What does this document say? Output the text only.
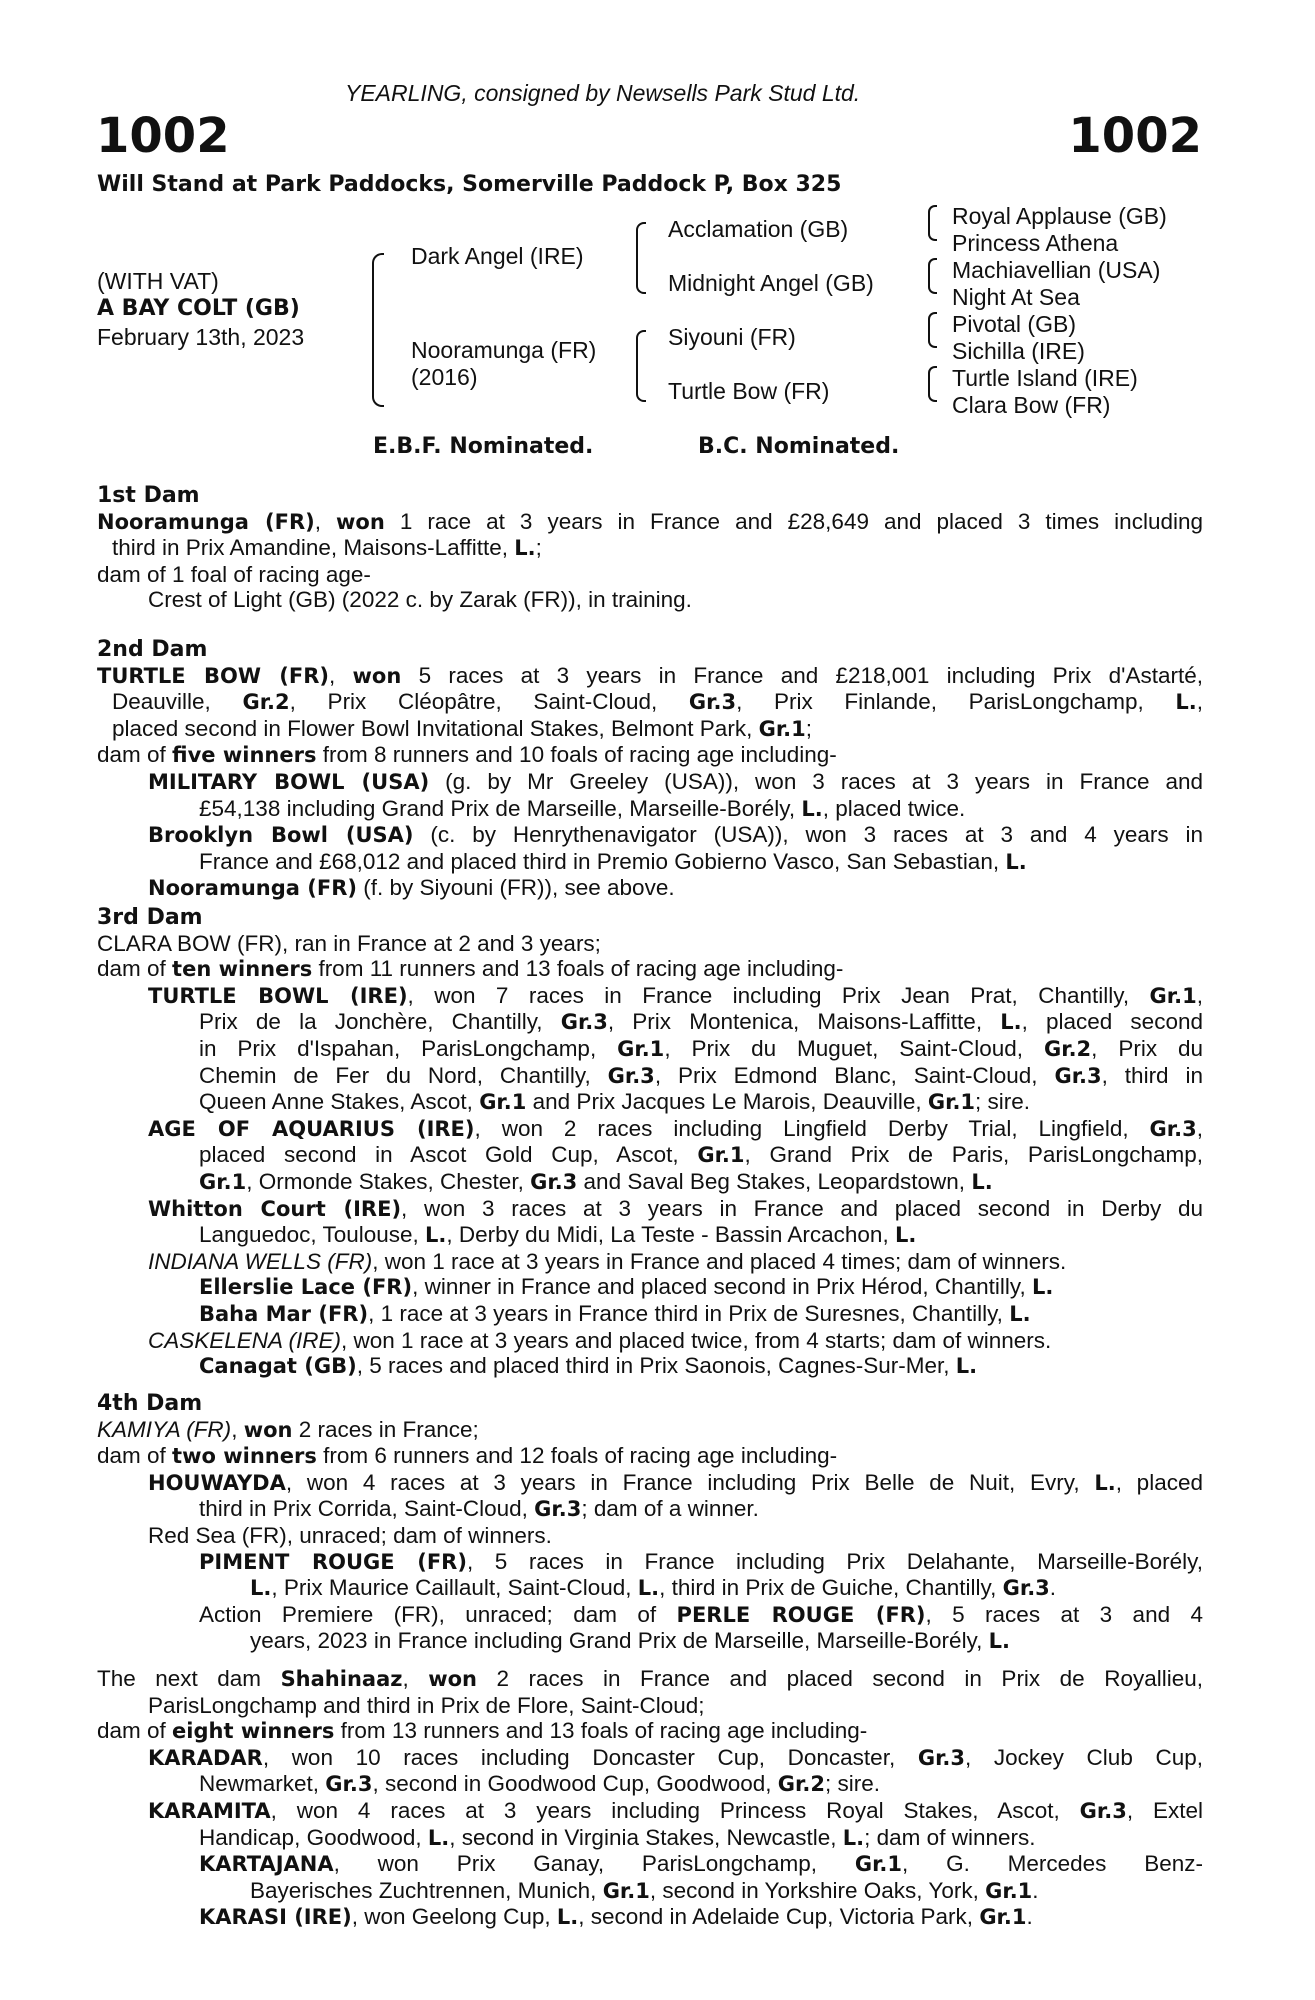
1002	1002
YEARLING, consigned by Newsells Park Stud Ltd.
Will Stand at Park Paddocks, Somerville Paddock P, Box 325
(WITH VAT)
A BAY COLT (GB)
February 13th, 2023
Dark Angel (IRE)
Nooramunga (FR)
(2016)
Acclamation (GB)
Midnight Angel (GB)
Siyouni (FR)
Turtle Bow (FR)
Royal Applause (GB)
Princess Athena
Machiavellian (USA)
Night At Sea
Pivotal (GB)
Sichilla (IRE)
Turtle Island (IRE)
Clara Bow (FR)
E.B.F. Nominated.	B.C. Nominated.

1st Dam

Nooramunga (FR), won 1 race at 3 years in France and £28,649 and placed 3 times including

third in Prix Amandine, Maisons-Laffitte, L.;

dam of 1 foal of racing age-

Crest of Light (GB) (2022 c. by Zarak (FR)), in training.

2nd Dam

TURTLE BOW (FR), won 5 races at 3 years in France and £218,001 including Prix d'Astarté,

Deauville, Gr.2, Prix Cléopâtre, Saint-Cloud, Gr.3, Prix Finlande, ParisLongchamp, L.,

placed second in Flower Bowl Invitational Stakes, Belmont Park, Gr.1;

dam of five winners from 8 runners and 10 foals of racing age including-

MILITARY BOWL (USA) (g. by Mr Greeley (USA)), won 3 races at 3 years in France and

£54,138 including Grand Prix de Marseille, Marseille-Borély, L., placed twice.

Brooklyn Bowl (USA) (c. by Henrythenavigator (USA)), won 3 races at 3 and 4 years in

France and £68,012 and placed third in Premio Gobierno Vasco, San Sebastian, L.

Nooramunga (FR) (f. by Siyouni (FR)), see above.

3rd Dam

CLARA BOW (FR), ran in France at 2 and 3 years;

dam of ten winners from 11 runners and 13 foals of racing age including-

TURTLE BOWL (IRE), won 7 races in France including Prix Jean Prat, Chantilly, Gr.1,

Prix de la Jonchère, Chantilly, Gr.3, Prix Montenica, Maisons-Laffitte, L., placed second

in Prix d'Ispahan, ParisLongchamp, Gr.1, Prix du Muguet, Saint-Cloud, Gr.2, Prix du

Chemin de Fer du Nord, Chantilly, Gr.3, Prix Edmond Blanc, Saint-Cloud, Gr.3, third in

Queen Anne Stakes, Ascot, Gr.1 and Prix Jacques Le Marois, Deauville, Gr.1; sire.

AGE OF AQUARIUS (IRE), won 2 races including Lingfield Derby Trial, Lingfield, Gr.3,

placed second in Ascot Gold Cup, Ascot, Gr.1, Grand Prix de Paris, ParisLongchamp,

Gr.1, Ormonde Stakes, Chester, Gr.3 and Saval Beg Stakes, Leopardstown, L.

Whitton Court (IRE), won 3 races at 3 years in France and placed second in Derby du

Languedoc, Toulouse, L., Derby du Midi, La Teste - Bassin Arcachon, L.

INDIANA WELLS (FR), won 1 race at 3 years in France and placed 4 times; dam of winners.

Ellerslie Lace (FR), winner in France and placed second in Prix Hérod, Chantilly, L.

Baha Mar (FR), 1 race at 3 years in France third in Prix de Suresnes, Chantilly, L.

CASKELENA (IRE), won 1 race at 3 years and placed twice, from 4 starts; dam of winners.

Canagat (GB), 5 races and placed third in Prix Saonois, Cagnes-Sur-Mer, L.

4th Dam

KAMIYA (FR), won 2 races in France;

dam of two winners from 6 runners and 12 foals of racing age including-

HOUWAYDA, won 4 races at 3 years in France including Prix Belle de Nuit, Evry, L., placed

third in Prix Corrida, Saint-Cloud, Gr.3; dam of a winner.

Red Sea (FR), unraced; dam of winners.

PIMENT ROUGE (FR), 5 races in France including Prix Delahante, Marseille-Borély,

L., Prix Maurice Caillault, Saint-Cloud, L., third in Prix de Guiche, Chantilly, Gr.3.

Action Premiere (FR), unraced; dam of PERLE ROUGE (FR), 5 races at 3 and 4

years, 2023 in France including Grand Prix de Marseille, Marseille-Borély, L.

The next dam Shahinaaz, won 2 races in France and placed second in Prix de Royallieu,

ParisLongchamp and third in Prix de Flore, Saint-Cloud;

dam of eight winners from 13 runners and 13 foals of racing age including-

KARADAR, won 10 races including Doncaster Cup, Doncaster, Gr.3, Jockey Club Cup,

Newmarket, Gr.3, second in Goodwood Cup, Goodwood, Gr.2; sire.

KARAMITA, won 4 races at 3 years including Princess Royal Stakes, Ascot, Gr.3, Extel

Handicap, Goodwood, L., second in Virginia Stakes, Newcastle, L.; dam of winners.

KARTAJANA, won Prix Ganay, ParisLongchamp, Gr.1, G. Mercedes Benz-

Bayerisches Zuchtrennen, Munich, Gr.1, second in Yorkshire Oaks, York, Gr.1.

KARASI (IRE), won Geelong Cup, L., second in Adelaide Cup, Victoria Park, Gr.1.
